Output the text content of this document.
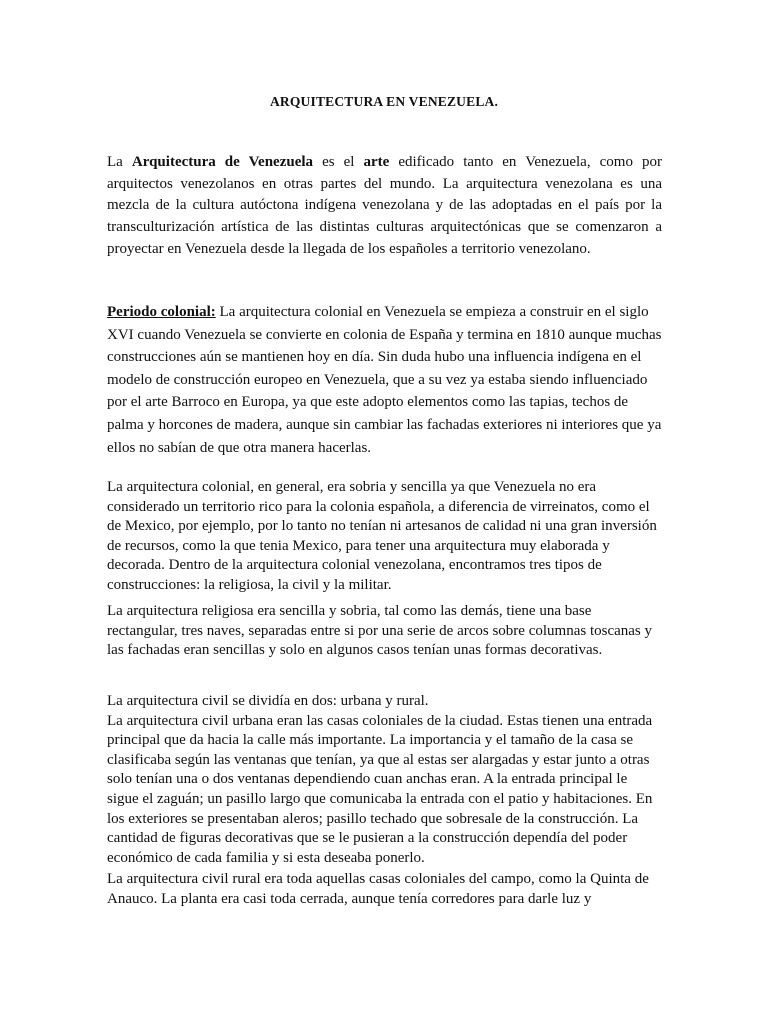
ARQUITECTURA EN VENEZUELA.

La Arquitectura de Venezuela es el arte edificado tanto en Venezuela, como por arquitectos venezolanos en otras partes del mundo. La arquitectura venezolana es una mezcla de la cultura autóctona indígena venezolana y de las adoptadas en el país por la transculturización artística de las distintas culturas arquitectónicas que se comenzaron a proyectar en Venezuela desde la llegada de los españoles a territorio venezolano.

Periodo colonial: La arquitectura colonial en Venezuela se empieza a construir en el siglo XVI cuando Venezuela se convierte en colonia de España y termina en 1810 aunque muchas construcciones aún se mantienen hoy en día. Sin duda hubo una influencia indígena en el modelo de construcción europeo en Venezuela, que a su vez ya estaba siendo influenciado por el arte Barroco en Europa, ya que este adopto elementos como las tapias, techos de palma y horcones de madera, aunque sin cambiar las fachadas exteriores ni interiores que ya ellos no sabían de que otra manera hacerlas.

La arquitectura colonial, en general, era sobria y sencilla ya que Venezuela no era considerado un territorio rico para la colonia española, a diferencia de virreinatos, como el de Mexico, por ejemplo, por lo tanto no tenían ni artesanos de calidad ni una gran inversión de recursos, como la que tenia Mexico, para tener una arquitectura muy elaborada y decorada. Dentro de la arquitectura colonial venezolana, encontramos tres tipos de construcciones: la religiosa, la civil y la militar.

La arquitectura religiosa era sencilla y sobria, tal como las demás, tiene una base rectangular, tres naves, separadas entre si por una serie de arcos sobre columnas toscanas y las fachadas eran sencillas y solo en algunos casos tenían unas formas decorativas.

La arquitectura civil se dividía en dos: urbana y rural.
La arquitectura civil urbana eran las casas coloniales de la ciudad. Estas tienen una entrada principal que da hacia la calle más importante. La importancia y el tamaño de la casa se clasificaba según las ventanas que tenían, ya que al estas ser alargadas y estar junto a otras solo tenían una o dos ventanas dependiendo cuan anchas eran. A la entrada principal le sigue el zaguán; un pasillo largo que comunicaba la entrada con el patio y habitaciones. En los exteriores se presentaban aleros; pasillo techado que sobresale de la construcción. La cantidad de figuras decorativas que se le pusieran a la construcción dependía del poder económico de cada familia y si esta deseaba ponerlo.

La arquitectura civil rural era toda aquellas casas coloniales del campo, como la Quinta de Anauco. La planta era casi toda cerrada, aunque tenía corredores para darle luz y
